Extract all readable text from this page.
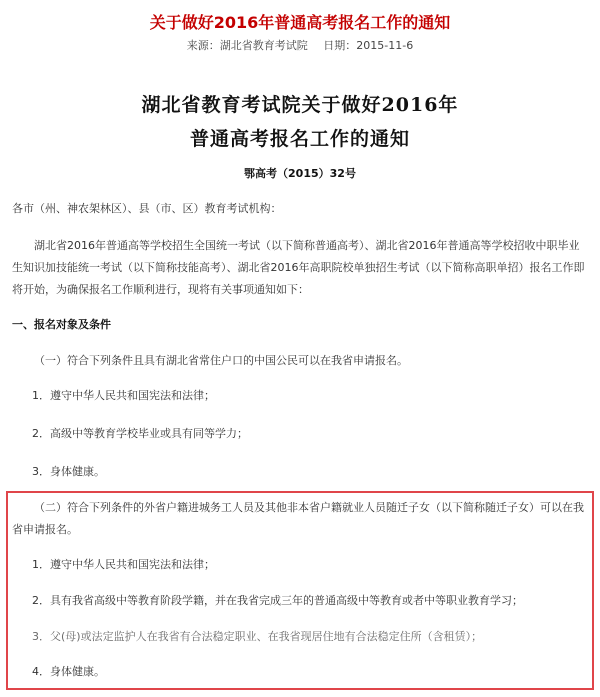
关于做好2016年普通高考报名工作的通知
来源：湖北省教育考试院 日期：2015-11-6
湖北省教育考试院关于做好2016年
普通高考报名工作的通知
鄂高考（2015）32号

各市（州、神农架林区）、县（市、区）教育考试机构：

湖北省2016年普通高等学校招生全国统一考试（以下简称普通高考）、湖北省2016年普通高等学校招收中职毕业生知识加技能统一考试（以下简称技能高考）、湖北省2016年高职院校单独招生考试（以下简称高职单招）报名工作即将开始，为确保报名工作顺利进行，现将有关事项通知如下：

一、报名对象及条件

（一）符合下列条件且具有湖北省常住户口的中国公民可以在我省申请报名。

1．遵守中华人民共和国宪法和法律；

2．高级中等教育学校毕业或具有同等学力；

3．身体健康。

（二）符合下列条件的外省户籍进城务工人员及其他非本省户籍就业人员随迁子女（以下简称随迁子女）可以在我省申请报名。

1．遵守中华人民共和国宪法和法律；

2．具有我省高级中等教育阶段学籍，并在我省完成三年的普通高级中等教育或者中等职业教育学习；

3．父(母)或法定监护人在我省有合法稳定职业、在我省现居住地有合法稳定住所（含租赁）；

4．身体健康。
